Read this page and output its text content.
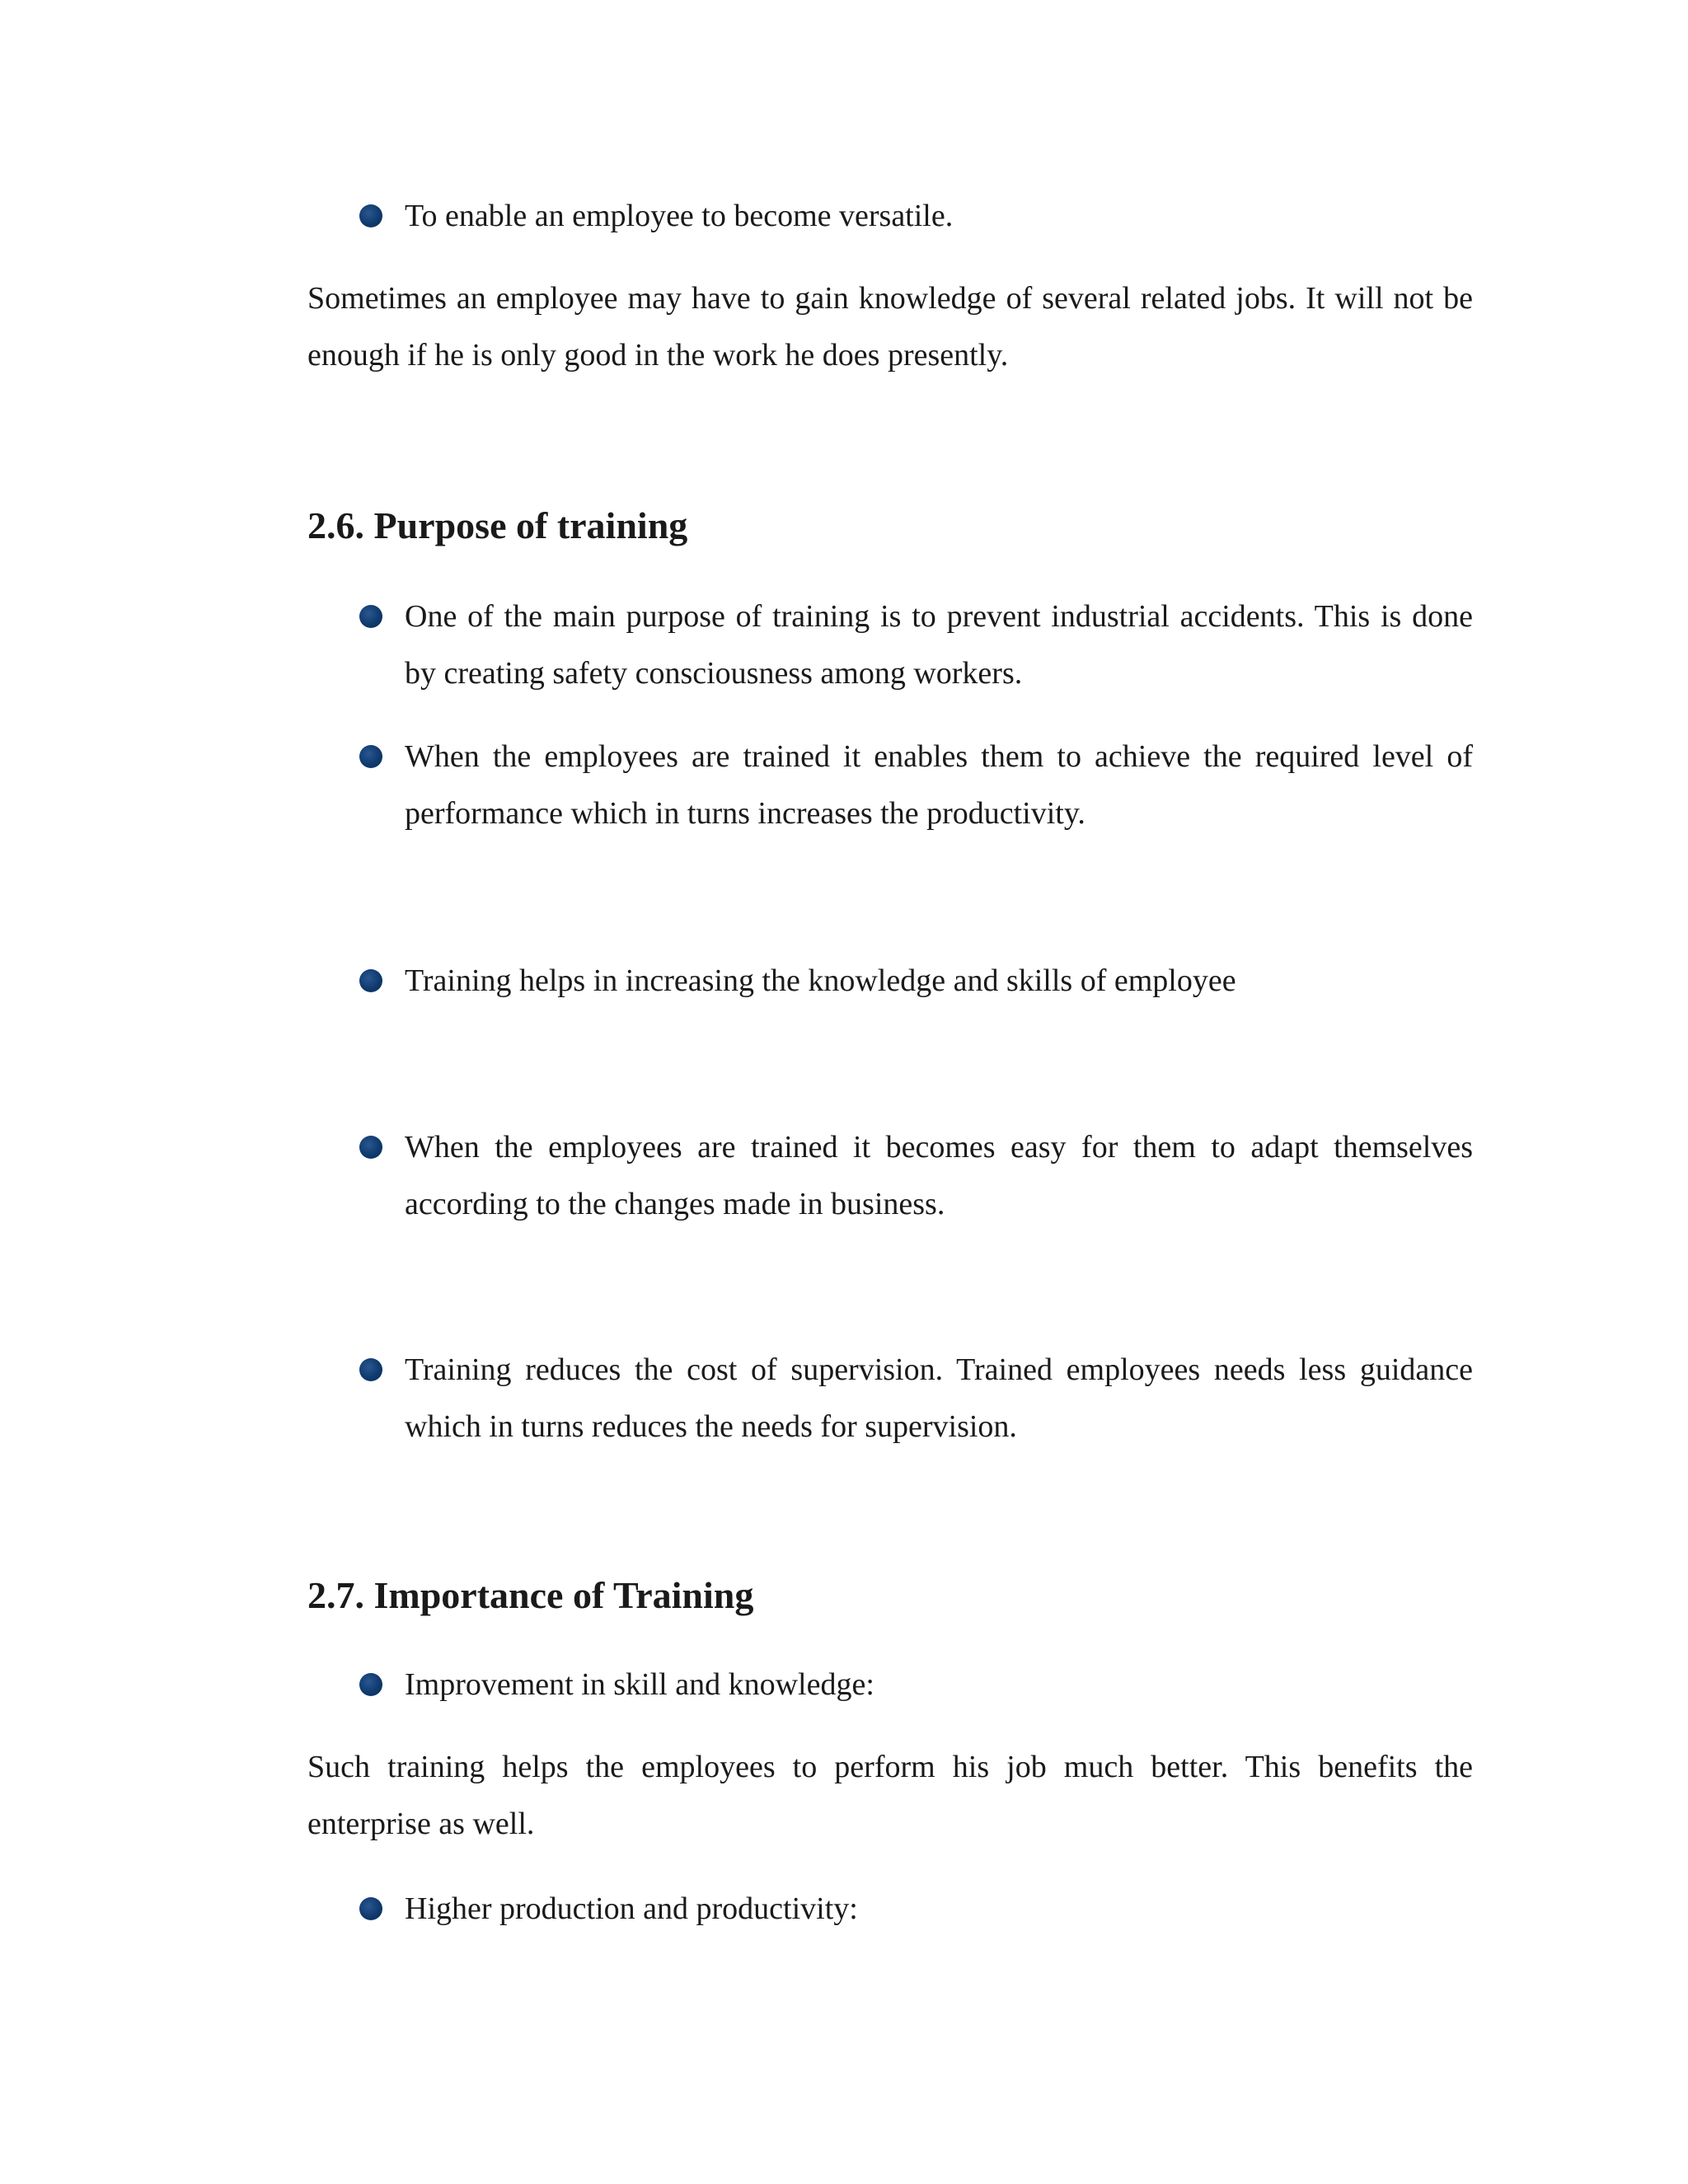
To enable an employee to become versatile.

Sometimes an employee may have to gain knowledge of several related jobs. It will not be enough if he is only good in the work he does presently.

2.6. Purpose of training

One of the main purpose of training is to prevent industrial accidents. This is done by creating safety consciousness among workers.

When the employees are trained it enables them to achieve the required level of performance which in turns increases the productivity.

Training helps in increasing the knowledge and skills of employee

When the employees are trained it becomes easy for them to adapt themselves according to the changes made in business.

Training reduces the cost of supervision. Trained employees needs less guidance which in turns reduces the needs for supervision.

2.7. Importance of Training

Improvement in skill and knowledge:

Such training helps the employees to perform his job much better. This benefits the enterprise as well.

Higher production and productivity:
